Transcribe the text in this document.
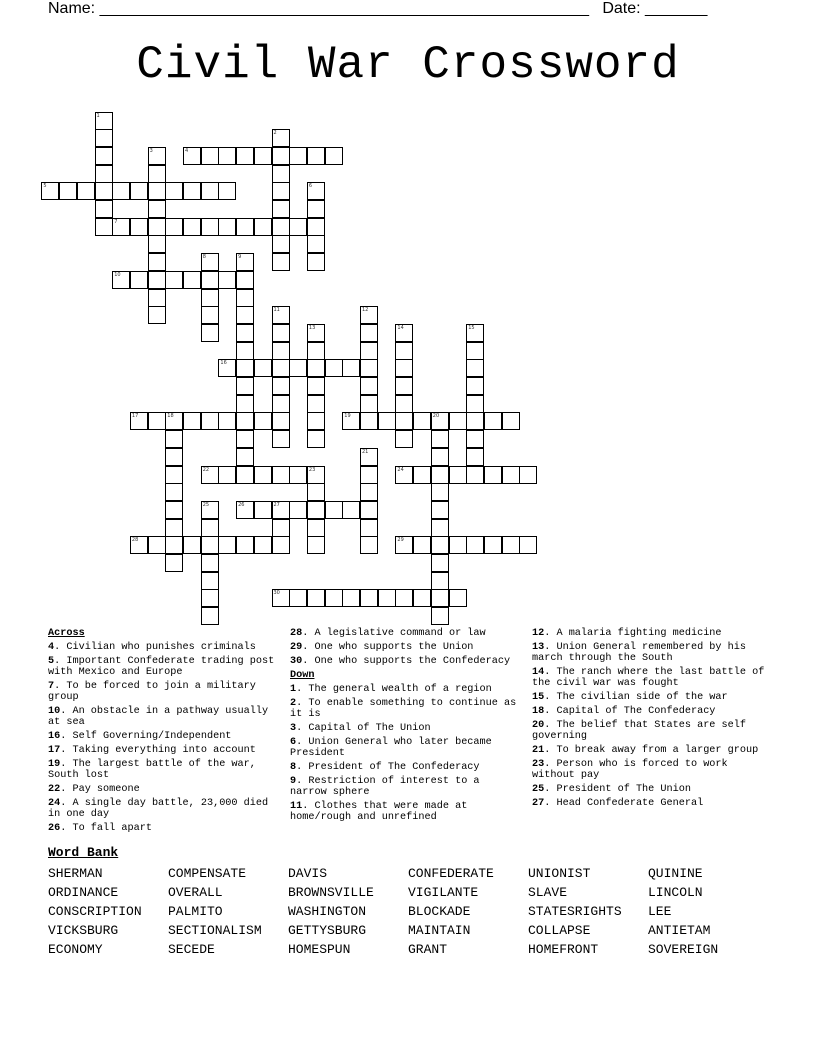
Name: _______________________________________________________ Date: _______
Civil War Crossword
1
2
3	4
5	6
7
8	9
10
11	12
13	14	15
16
17	18	19	20
21
22	23	24
25	26	27
28	29
30
Across
4. Civilian who punishes criminals
5. Important Confederate trading post with Mexico and Europe
7. To be forced to join a military group
10. An obstacle in a pathway usually at sea
16. Self Governing/Independent
17. Taking everything into account
19. The largest battle of the war, South lost
22. Pay someone
24. A single day battle, 23,000 died in one day
26. To fall apart
28. A legislative command or law
29. One who supports the Union
30. One who supports the Confederacy
Down
1. The general wealth of a region
2. To enable something to continue as it is
3. Capital of The Union
6. Union General who later became President
8. President of The Confederacy
9. Restriction of interest to a narrow sphere
11. Clothes that were made at home/rough and unrefined
12. A malaria fighting medicine
13. Union General remembered by his march through the South
14. The ranch where the last battle of the civil war was fought
15. The civilian side of the war
18. Capital of The Confederacy
20. The belief that States are self governing
21. To break away from a larger group
23. Person who is forced to work without pay
25. President of The Union
27. Head Confederate General
Word Bank
SHERMAN	COMPENSATE	DAVIS	CONFEDERATE	UNIONIST	QUININE
ORDINANCE	OVERALL	BROWNSVILLE	VIGILANTE	SLAVE	LINCOLN
CONSCRIPTION	PALMITO	WASHINGTON	BLOCKADE	STATESRIGHTS	LEE
VICKSBURG	SECTIONALISM	GETTYSBURG	MAINTAIN	COLLAPSE	ANTIETAM
ECONOMY	SECEDE	HOMESPUN	GRANT	HOMEFRONT	SOVEREIGN
